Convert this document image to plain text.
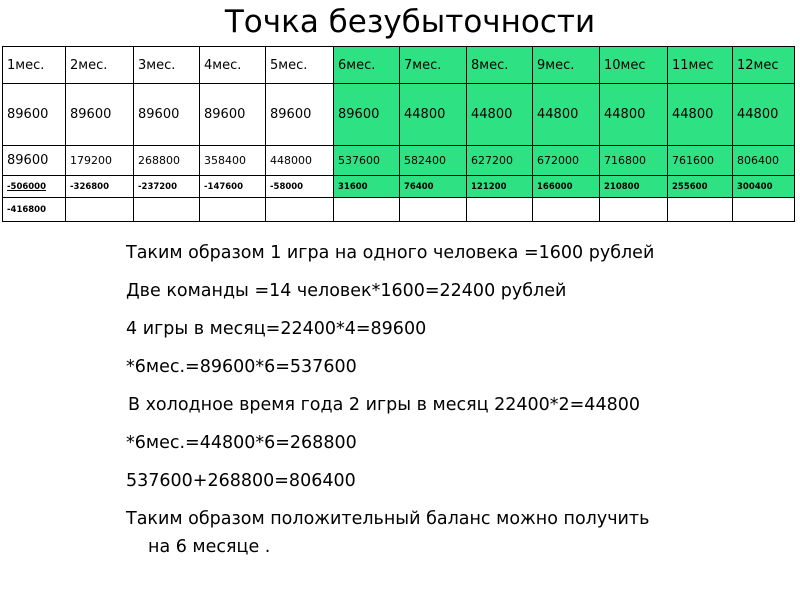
Точка безубыточности
1мес.	2мес.	3мес.	4мес.	5мес.	6мес.	7мес.	8мес.	9мес.	10мес	11мес	12мес
89600	89600	89600	89600	89600	89600	44800	44800	44800	44800	44800	44800
89600	179200	268800	358400	448000	537600	582400	627200	672000	716800	761600	806400
-506000	-326800	-237200	-147600	-58000	31600	76400	121200	166000	210800	255600	300400
-416800											
Таким образом 1 игра на одного человека =1600 рублей
Две команды =14 человек*1600=22400 рублей
4 игры в месяц=22400*4=89600
*6мес.=89600*6=537600
В холодное время года 2 игры в месяц 22400*2=44800
*6мес.=44800*6=268800
537600+268800=806400
Таким образом положительный баланс можно получить
на 6 месяце .
